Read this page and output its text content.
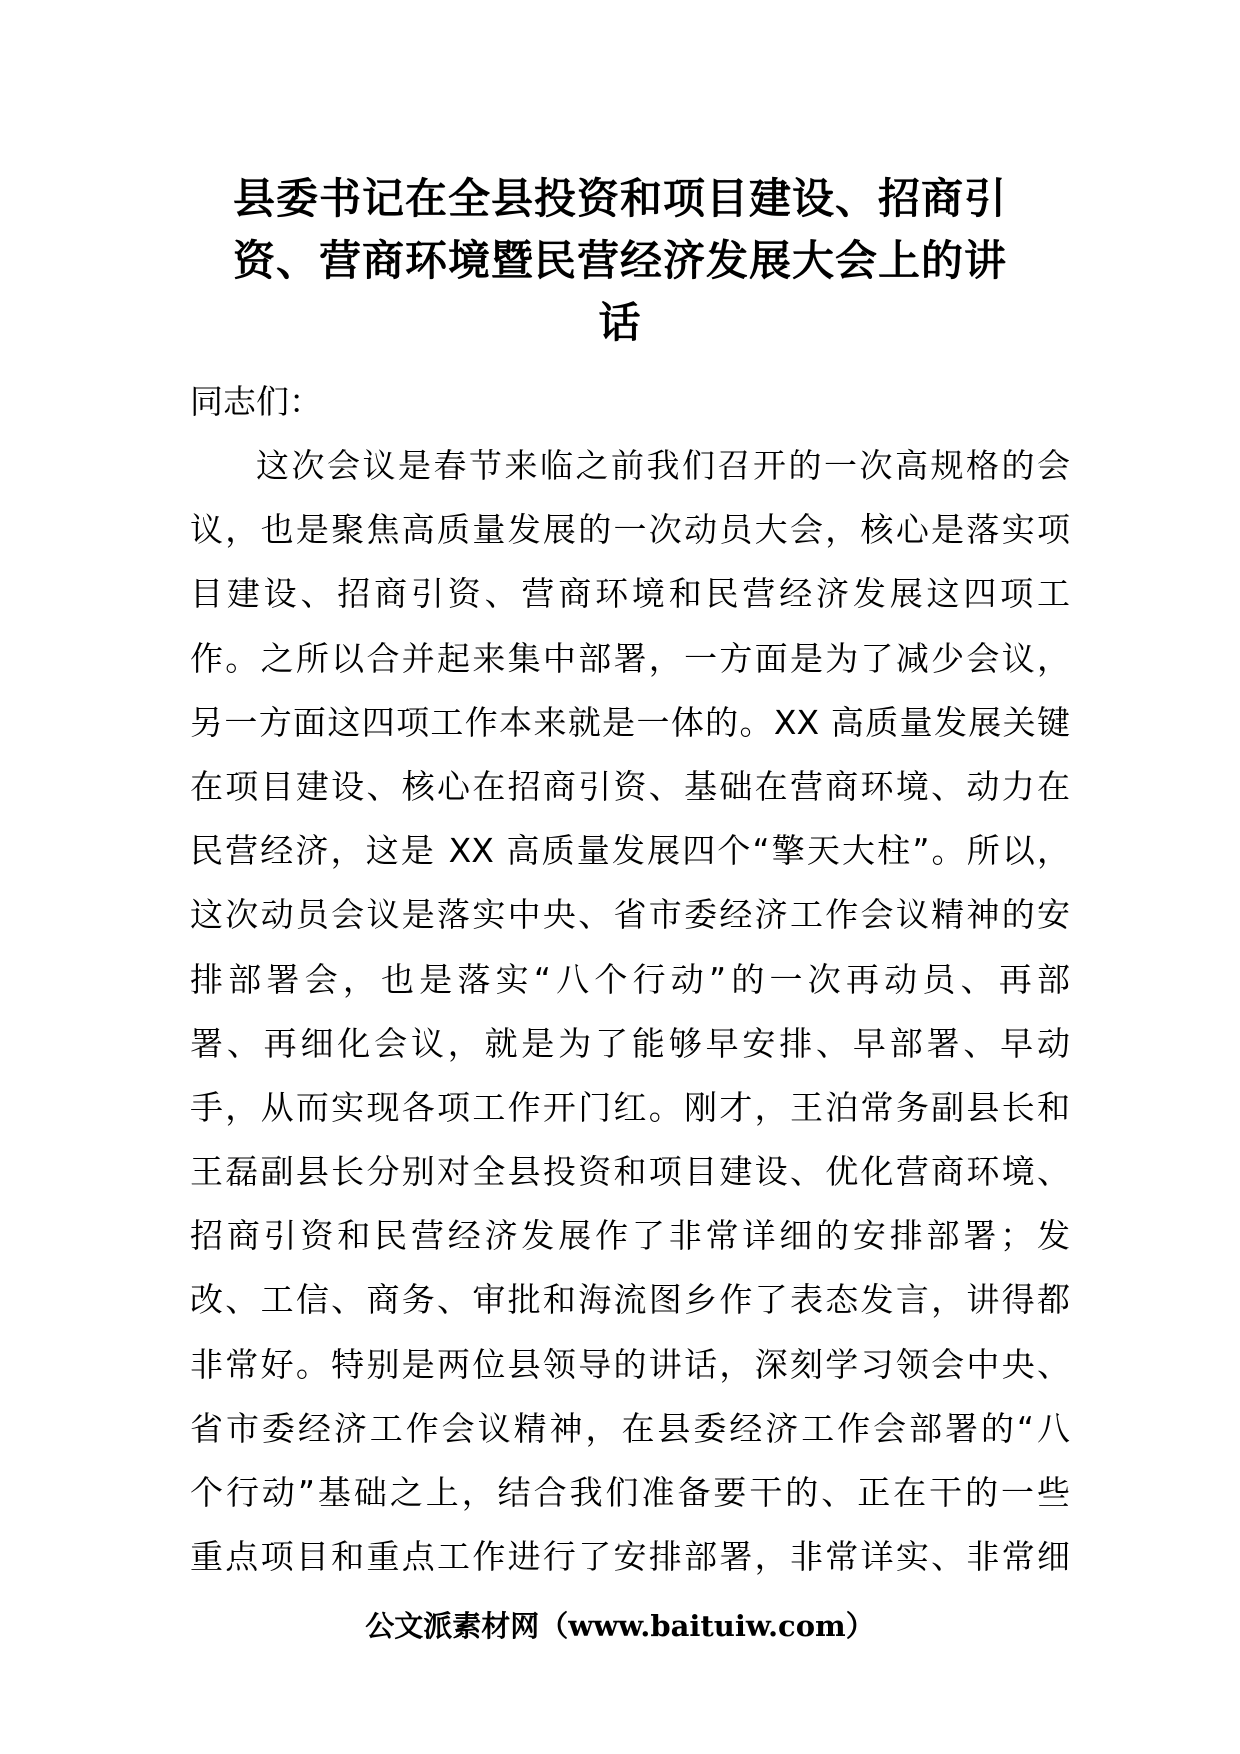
县委书记在全县投资和项目建设、招商引
资、营商环境暨民营经济发展大会上的讲
话

同志们：

这次会议是春节来临之前我们召开的一次高规格的会
议，也是聚焦高质量发展的一次动员大会，核心是落实项
目建设、招商引资、营商环境和民营经济发展这四项工
作。之所以合并起来集中部署，一方面是为了减少会议，
另一方面这四项工作本来就是一体的。XX 高质量发展关键
在项目建设、核心在招商引资、基础在营商环境、动力在
民营经济，这是 XX 高质量发展四个“擎天大柱”。所以，
这次动员会议是落实中央、省市委经济工作会议精神的安
排部署会，也是落实“八个行动”的一次再动员、再部
署、再细化会议，就是为了能够早安排、早部署、早动
手，从而实现各项工作开门红。刚才，王泊常务副县长和
王磊副县长分别对全县投资和项目建设、优化营商环境、
招商引资和民营经济发展作了非常详细的安排部署；发
改、工信、商务、审批和海流图乡作了表态发言，讲得都
非常好。特别是两位县领导的讲话，深刻学习领会中央、
省市委经济工作会议精神，在县委经济工作会部署的“八
个行动”基础之上，结合我们准备要干的、正在干的一些
重点项目和重点工作进行了安排部署，非常详实、非常细
公文派素材网（www.baituiw.com）
